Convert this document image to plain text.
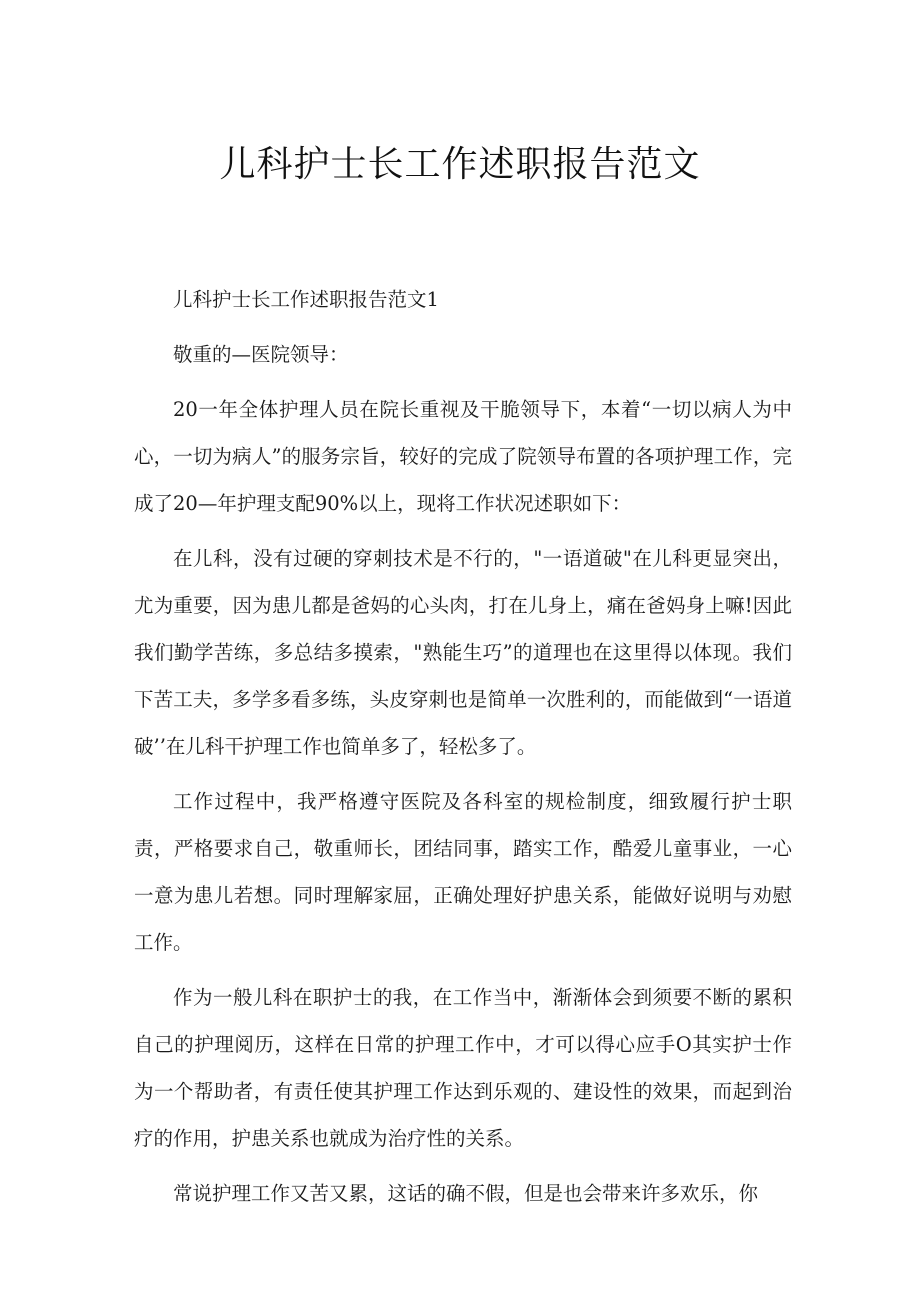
儿科护士长工作述职报告范文

儿科护士长工作述职报告范文1

敬重的—医院领导：

20一年全体护理人员在院长重视及干脆领导下，本着“一切以病人为中心，一切为病人”的服务宗旨，较好的完成了院领导布置的各项护理工作，完成了20—年护理支配90%以上，现将工作状况述职如下：

在儿科，没有过硬的穿刺技术是不行的，"一语道破"在儿科更显突出，尤为重要，因为患儿都是爸妈的心头肉，打在儿身上，痛在爸妈身上嘛!因此我们勤学苦练，多总结多摸索，"熟能生巧”的道理也在这里得以体现。我们下苦工夫，多学多看多练，头皮穿刺也是简单一次胜利的，而能做到“一语道破’’在儿科干护理工作也简单多了，轻松多了。

工作过程中，我严格遵守医院及各科室的规检制度，细致履行护士职责，严格要求自己，敬重师长，团结同事，踏实工作，酷爱儿童事业，一心一意为患儿若想。同时理解家屈，正确处理好护患关系，能做好说明与劝慰工作。

作为一般儿科在职护士的我，在工作当中，渐渐体会到须要不断的累积自己的护理阅历，这样在日常的护理工作中，才可以得心应手O其实护士作为一个帮助者，有责任使其护理工作达到乐观的、建设性的效果，而起到治疗的作用，护患关系也就成为治疗性的关系。

常说护理工作又苦又累，这话的确不假，但是也会带来许多欢乐，你
